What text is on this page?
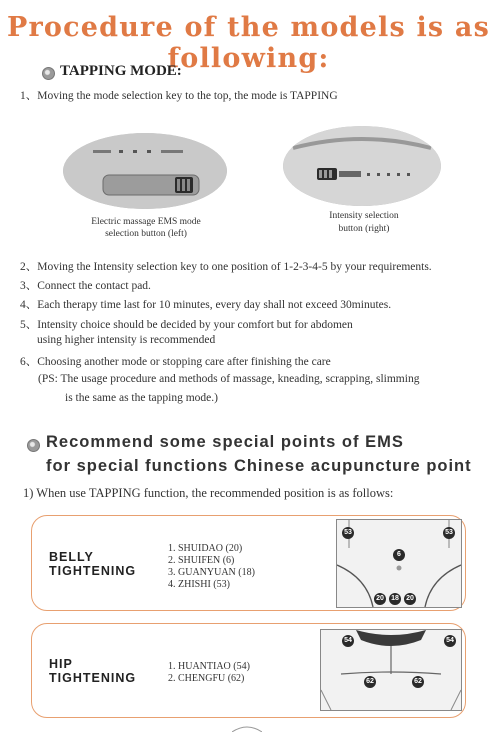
Procedure of the models is as following:
TAPPING MODE:
1、Moving the mode selection key to the top, the mode is TAPPING
Electric massage EMS mode
selection button (left)
Intensity selection
button (right)
2、Moving the Intensity selection key to one position of 1-2-3-4-5 by your requirements.
3、Connect the contact pad.
4、Each therapy time last for 10 minutes, every day shall not exceed 30minutes.
5、Intensity choice should be decided by your comfort but for abdomen
using higher intensity is recommended
6、Choosing another mode or stopping care after finishing the care
(PS: The usage procedure and methods of massage, kneading, scrapping, slimming
is the same as the tapping mode.)
Recommend some special points of EMS
for special functions Chinese acupuncture point
1) When use TAPPING function, the recommended position is as follows:
BELLY
TIGHTENING
1. SHUIDAO (20)
2. SHUIFEN (6)
3. GUANYUAN (18)
4. ZHISHI (53)
53	53
6
20	18	20
HIP
TIGHTENING
1. HUANTIAO (54)
2. CHENGFU (62)
54	54
62	62
